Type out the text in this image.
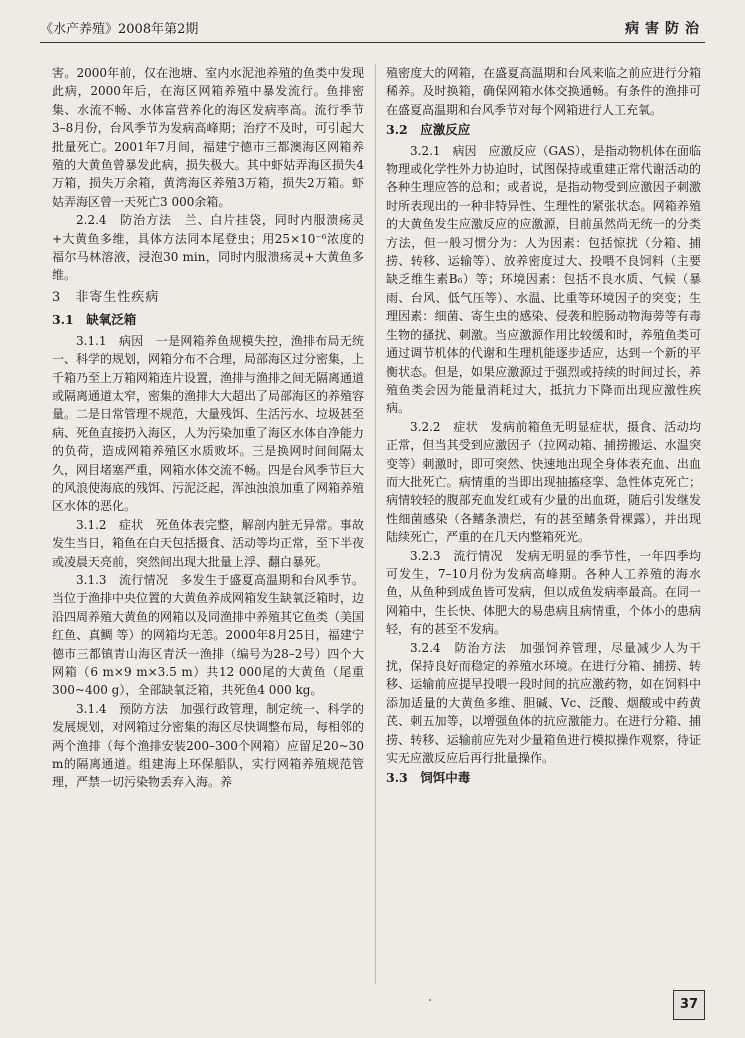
《水产养殖》2008年第2期	病害防治

害。2000年前，仅在池塘、室内水泥池养殖的鱼类中发现此病，2000年后，在海区网箱养殖中暴发流行。鱼排密集、水流不畅、水体富营养化的海区发病率高。流行季节3–8月份，台风季节为发病高峰期；治疗不及时，可引起大批量死亡。2001年7月间，福建宁德市三都澳海区网箱养殖的大黄鱼曾暴发此病，损失极大。其中虾姑弄海区损失4万箱，损失万余箱，黄湾海区养殖3万箱，损失2万箱。虾姑弄海区曾一天死亡3 000余箱。

2.2.4　防治方法　兰、白片挂袋，同时内服溃疡灵+大黄鱼多维，具体方法同本尾登虫；用25×10⁻⁶浓度的福尔马林溶液，浸泡30 min，同时内服溃疡灵+大黄鱼多维。

3　非寄生性疾病
3.1　缺氧泛箱

3.1.1　病因　一是网箱养鱼规模失控，渔排布局无统一、科学的规划，网箱分布不合理，局部海区过分密集，上千箱乃至上万箱网箱连片设置，渔排与渔排之间无隔离通道或隔离通道太窄，密集的渔排大大超出了局部海区的养殖容量。二是日常管理不规范，大量残饵、生活污水、垃圾甚至病、死鱼直接扔入海区，人为污染加重了海区水体自净能力的负荷，造成网箱养殖区水质败坏。三是换网时间间隔太久，网目堵塞严重，网箱水体交流不畅。四是台风季节巨大的风浪使海底的残饵、污泥泛起，浑浊浊浪加重了网箱养殖区水体的恶化。

3.1.2　症状　死鱼体表完整，解剖内脏无异常。事故发生当日，箱鱼在白天包括摄食、活动等均正常，至下半夜或凌晨天亮前，突然间出现大批量上浮、翻白暴死。

3.1.3　流行情况　多发生于盛夏高温期和台风季节。当位于渔排中央位置的大黄鱼养成网箱发生缺氧泛箱时，边沿四周养殖大黄鱼的网箱以及同渔排中养殖其它鱼类（美国红鱼、真鲷 等）的网箱均无恙。2000年8月25日，福建宁德市三都镇青山海区青沃一渔排（编号为28–2号）四个大网箱（6 m×9 m×3.5 m）共12 000尾的大黄鱼（尾重300~400 g），全部缺氧泛箱，共死鱼4 000 kg。

3.1.4　预防方法　加强行政管理，制定统一、科学的发展规划，对网箱过分密集的海区尽快调整布局，每相邻的两个渔排（每个渔排安装200–300个网箱）应留足20~30 m的隔离通道。组建海上环保船队，实行网箱养殖规范管理，严禁一切污染物丢弃入海。养

殖密度大的网箱，在盛夏高温期和台风来临之前应进行分箱稀养。及时换箱，确保网箱水体交换通畅。有条件的渔排可在盛夏高温期和台风季节对每个网箱进行人工充氧。

3.2　应激反应

3.2.1　病因　应激反应（GAS），是指动物机体在面临物理或化学性外力协迫时，试图保持或重建正常代谢活动的各种生理应答的总和；或者说，是指动物受到应激因子刺激时所表现出的一种非特异性、生理性的紧张状态。网箱养殖的大黄鱼发生应激反应的应激源，目前虽然尚无统一的分类方法，但一般习惯分为：人为因素：包括惊扰（分箱、捕捞、转移、运输等）、放养密度过大、投喂不良饲料（主要缺乏维生素B₆）等；环境因素：包括不良水质、气候（暴雨、台风、低气压等）、水温、比重等环境因子的突变；生理因素：细菌、寄生虫的感染、侵袭和腔肠动物海蒡等有毒生物的搔扰、刺激。当应激源作用比较缓和时，养殖鱼类可通过调节机体的代谢和生理机能逐步适应，达到一个新的平衡状态。但是，如果应激源过于强烈或持续的时间过长，养殖鱼类会因为能量消耗过大，抵抗力下降而出现应激性疾病。

3.2.2　症状　发病前箱鱼无明显症状，摄食、活动均正常，但当其受到应激因子（拉网动箱、捕捞搬运、水温突变等）刺激时，即可突然、快速地出现全身体表充血、出血而大批死亡。病情重的当即出现抽搐痉挛、急性体克死亡；病情较轻的腹部充血发红或有少量的出血斑，随后引发继发性细菌感染（各鳍条溃烂，有的甚至鳍条骨裸露），并出现陆续死亡，严重的在几天内整箱死光。

3.2.3　流行情况　发病无明显的季节性，一年四季均可发生，7–10月份为发病高峰期。各种人工养殖的海水鱼，从鱼种到成鱼皆可发病，但以成鱼发病率最高。在同一网箱中，生长快、体肥大的易患病且病情重，个体小的患病轻，有的甚至不发病。

3.2.4　防治方法　加强饲养管理，尽量减少人为干扰，保持良好而稳定的养殖水环境。在进行分箱、捕捞、转移、运输前应提早投喂一段时间的抗应激药物，如在饲料中添加适量的大黄鱼多维、胆碱、Vc、泛酸、烟酸或中药黄芪、刺五加等，以增强鱼体的抗应激能力。在进行分箱、捕捞、转移、运输前应先对少量箱鱼进行模拟操作观察，待证实无应激反应后再行批量操作。

3.3　饲饵中毒
・	37
